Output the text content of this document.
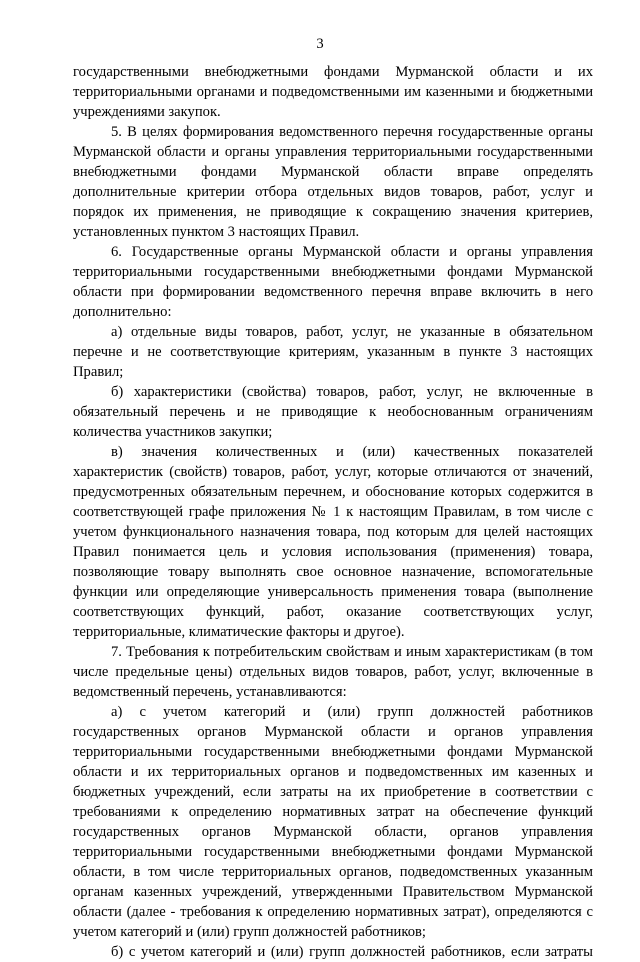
3

государственными внебюджетными фондами Мурманской области и их территориальными органами и подведомственными им казенными и бюджетными учреждениями закупок.

5. В целях формирования ведомственного перечня государственные органы Мурманской области и органы управления территориальными государственными внебюджетными фондами Мурманской области вправе определять дополнительные критерии отбора отдельных видов товаров, работ, услуг и порядок их применения, не приводящие к сокращению значения критериев, установленных пунктом 3 настоящих Правил.

6. Государственные органы Мурманской области и органы управления территориальными государственными внебюджетными фондами Мурманской области при формировании ведомственного перечня вправе включить в него дополнительно:

а) отдельные виды товаров, работ, услуг, не указанные в обязательном перечне и не соответствующие критериям, указанным в пункте 3 настоящих Правил;

б) характеристики (свойства) товаров, работ, услуг, не включенные в обязательный перечень и не приводящие к необоснованным ограничениям количества участников закупки;

в) значения количественных и (или) качественных показателей характеристик (свойств) товаров, работ, услуг, которые отличаются от значений, предусмотренных обязательным перечнем, и обоснование которых содержится в соответствующей графе приложения № 1 к настоящим Правилам, в том числе с учетом функционального назначения товара, под которым для целей настоящих Правил понимается цель и условия использования (применения) товара, позволяющие товару выполнять свое основное назначение, вспомогательные функции или определяющие универсальность применения товара (выполнение соответствующих функций, работ, оказание соответствующих услуг, территориальные, климатические факторы и другое).

7. Требования к потребительским свойствам и иным характеристикам (в том числе предельные цены) отдельных видов товаров, работ, услуг, включенные в ведомственный перечень, устанавливаются:

а) с учетом категорий и (или) групп должностей работников государственных органов Мурманской области и органов управления территориальными государственными внебюджетными фондами Мурманской области и их территориальных органов и подведомственных им казенных и бюджетных учреждений, если затраты на их приобретение в соответствии с требованиями к определению нормативных затрат на обеспечение функций государственных органов Мурманской области, органов управления территориальными государственными внебюджетными фондами Мурманской области, в том числе территориальных органов, подведомственных указанным органам казенных учреждений, утвержденными Правительством Мурманской области (далее - требования к определению нормативных затрат), определяются с учетом категорий и (или) групп должностей работников;

б) с учетом категорий и (или) групп должностей работников, если затраты
